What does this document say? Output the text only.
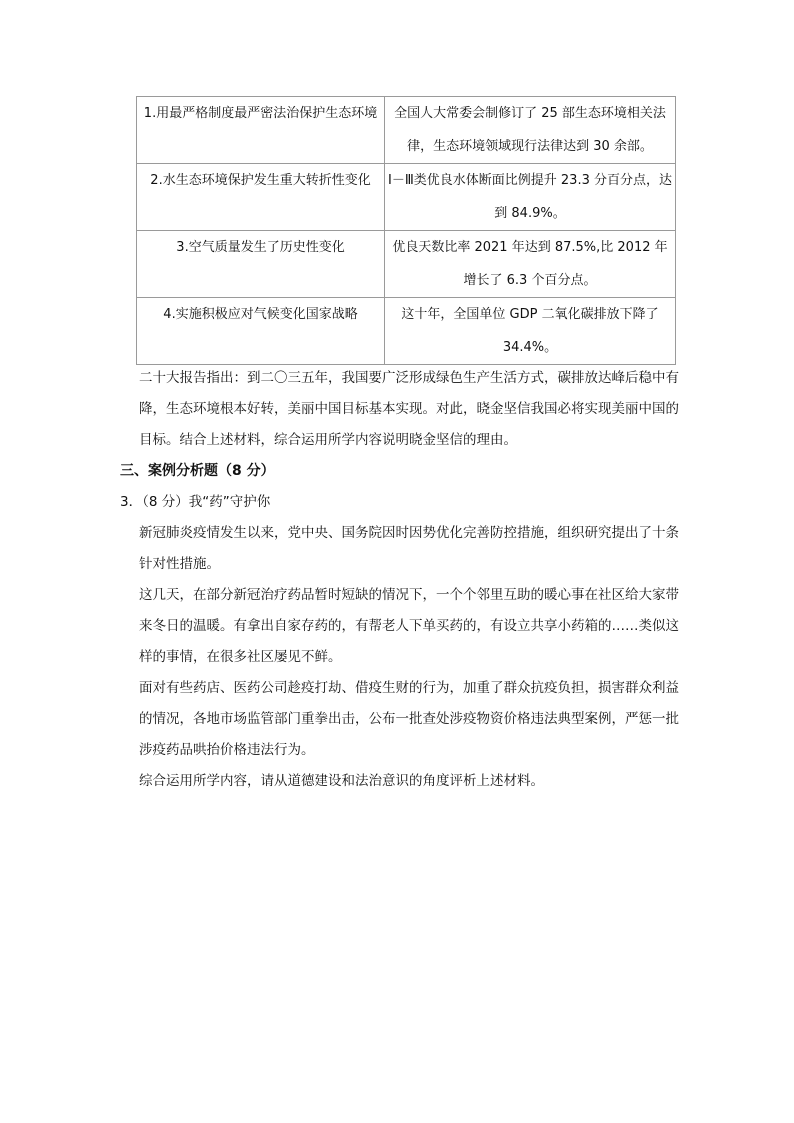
1.用最严格制度最严密法治保护生态环境	全国人大常委会制修订了 25 部生态环境相关法律，生态环境领域现行法律达到 30 余部。
2.水生态环境保护发生重大转折性变化	Ⅰ－Ⅲ类优良水体断面比例提升 23.3 分百分点，达到 84.9%。
3.空气质量发生了历史性变化	优良天数比率 2021 年达到 87.5%,比 2012 年增长了 6.3 个百分点。
4.实施积极应对气候变化国家战略	这十年，全国单位 GDP 二氧化碳排放下降了 34.4%。
二十大报告指出：到二〇三五年，我国要广泛形成绿色生产生活方式，碳排放达峰后稳中有降，生态环境根本好转，美丽中国目标基本实现。对此，晓金坚信我国必将实现美丽中国的目标。结合上述材料，综合运用所学内容说明晓金坚信的理由。
三、案例分析题（8 分）
3．（8 分）我“药”守护你
新冠肺炎疫情发生以来，党中央、国务院因时因势优化完善防控措施，组织研究提出了十条针对性措施。
这几天，在部分新冠治疗药品暂时短缺的情况下，一个个邻里互助的暖心事在社区给大家带来冬日的温暖。有拿出自家存药的，有帮老人下单买药的，有设立共享小药箱的……类似这样的事情，在很多社区屡见不鲜。
面对有些药店、医药公司趁疫打劫、借疫生财的行为，加重了群众抗疫负担，损害群众利益的情况，各地市场监管部门重拳出击，公布一批查处涉疫物资价格违法典型案例，严惩一批涉疫药品哄抬价格违法行为。
综合运用所学内容，请从道德建设和法治意识的角度评析上述材料。
